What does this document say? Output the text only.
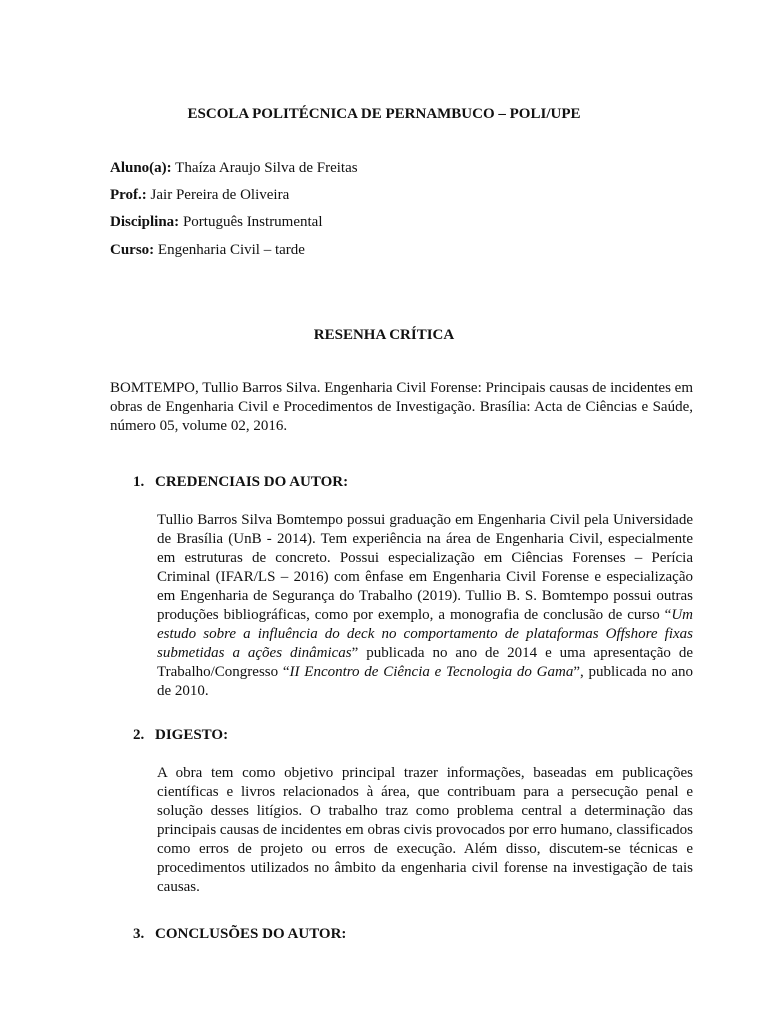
ESCOLA POLITÉCNICA DE PERNAMBUCO – POLI/UPE
Aluno(a): Thaíza Araujo Silva de Freitas
Prof.: Jair Pereira de Oliveira
Disciplina: Português Instrumental
Curso: Engenharia Civil – tarde
RESENHA CRÍTICA
BOMTEMPO, Tullio Barros Silva. Engenharia Civil Forense: Principais causas de incidentes em obras de Engenharia Civil e Procedimentos de Investigação. Brasília: Acta de Ciências e Saúde, número 05, volume 02, 2016.
1. CREDENCIAIS DO AUTOR:
Tullio Barros Silva Bomtempo possui graduação em Engenharia Civil pela Universidade de Brasília (UnB - 2014). Tem experiência na área de Engenharia Civil, especialmente em estruturas de concreto. Possui especialização em Ciências Forenses – Perícia Criminal (IFAR/LS – 2016) com ênfase em Engenharia Civil Forense e especialização em Engenharia de Segurança do Trabalho (2019). Tullio B. S. Bomtempo possui outras produções bibliográficas, como por exemplo, a monografia de conclusão de curso “Um estudo sobre a influência do deck no comportamento de plataformas Offshore fixas submetidas a ações dinâmicas” publicada no ano de 2014 e uma apresentação de Trabalho/Congresso “II Encontro de Ciência e Tecnologia do Gama”, publicada no ano de 2010.
2. DIGESTO:
A obra tem como objetivo principal trazer informações, baseadas em publicações científicas e livros relacionados à área, que contribuam para a persecução penal e solução desses litígios. O trabalho traz como problema central a determinação das principais causas de incidentes em obras civis provocados por erro humano, classificados como erros de projeto ou erros de execução. Além disso, discutem-se técnicas e procedimentos utilizados no âmbito da engenharia civil forense na investigação de tais causas.
3. CONCLUSÕES DO AUTOR:
